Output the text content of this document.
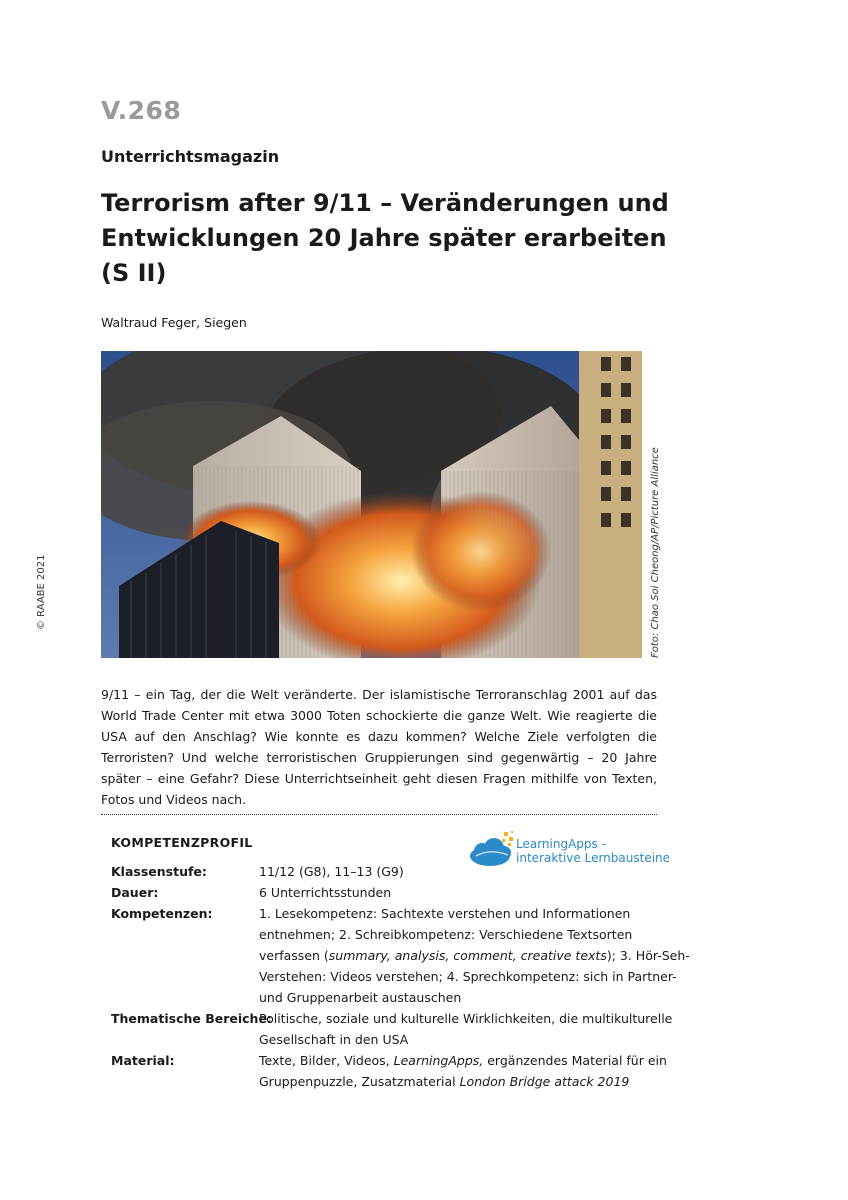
V.268
Unterrichtsmagazin
Terrorism after 9/11 – Veränderungen und
Entwicklungen 20 Jahre später erarbeiten
(S II)
Waltraud Feger, Siegen
© RAABE 2021	Foto: Chao Soi Cheong/AP/Picture Alliance
9/11 – ein Tag, der die Welt veränderte. Der islamistische Terroranschlag 2001 auf das World Trade Center mit etwa 3000 Toten schockierte die ganze Welt. Wie reagierte die USA auf den Anschlag? Wie konnte es dazu kommen? Welche Ziele verfolgten die Terroristen? Und welche terroristischen Gruppierungen sind gegenwärtig – 20 Jahre später – eine Gefahr? Diese Unterrichtseinheit geht diesen Fragen mithilfe von Texten, Fotos und Videos nach.
KOMPETENZPROFIL	LearningApps -
interaktive Lernbausteine
Klassenstufe:	11/12 (G8), 11–13 (G9)
Dauer:	6 Unterrichtsstunden
Kompetenzen:	1. Lesekompetenz: Sachtexte verstehen und Informationen
entnehmen; 2. Schreibkompetenz: Verschiedene Textsorten
verfassen (summary, analysis, comment, creative texts); 3. Hör-Seh-
Verstehen: Videos verstehen; 4. Sprechkompetenz: sich in Partner-
und Gruppenarbeit austauschen
Thematische Bereiche:
Politische, soziale und kulturelle Wirklichkeiten, die multikulturelle
Gesellschaft in den USA
Material:	Texte, Bilder, Videos, LearningApps, ergänzendes Material für ein
Gruppenpuzzle, Zusatzmaterial London Bridge attack 2019
